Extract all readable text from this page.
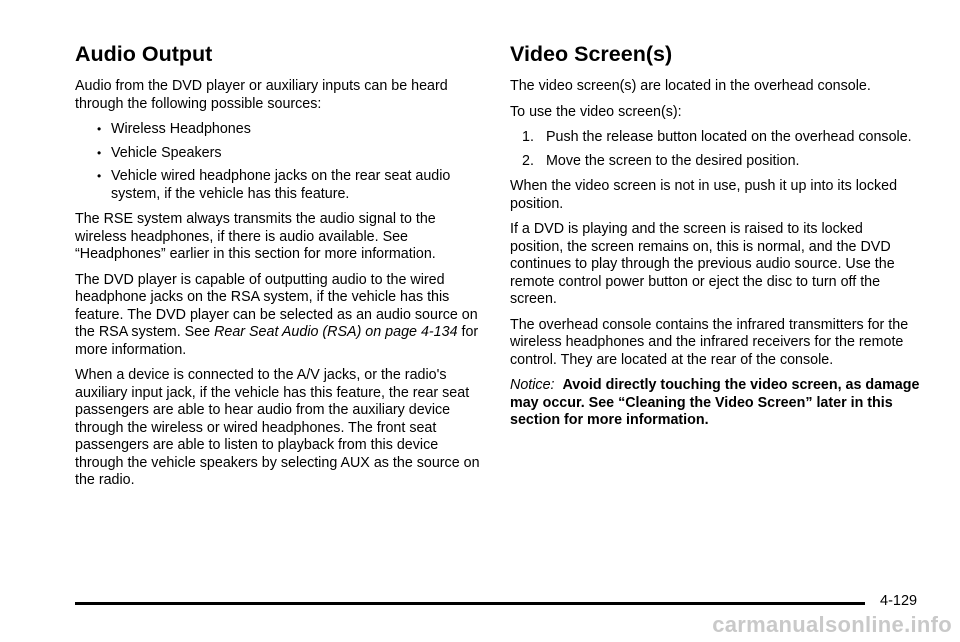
Audio Output

Audio from the DVD player or auxiliary inputs can be heard through the following possible sources:

• Wireless Headphones
• Vehicle Speakers
• Vehicle wired headphone jacks on the rear seat audio system, if the vehicle has this feature.

The RSE system always transmits the audio signal to the wireless headphones, if there is audio available. See “Headphones” earlier in this section for more information.

The DVD player is capable of outputting audio to the wired headphone jacks on the RSA system, if the vehicle has this feature. The DVD player can be selected as an audio source on the RSA system. See Rear Seat Audio (RSA) on page 4‑134 for more information.

When a device is connected to the A/V jacks, or the radio's auxiliary input jack, if the vehicle has this feature, the rear seat passengers are able to hear audio from the auxiliary device through the wireless or wired headphones. The front seat passengers are able to listen to playback from this device through the vehicle speakers by selecting AUX as the source on the radio.

Video Screen(s)

The video screen(s) are located in the overhead console.

To use the video screen(s):

1. Push the release button located on the overhead console.
2. Move the screen to the desired position.

When the video screen is not in use, push it up into its locked position.

If a DVD is playing and the screen is raised to its locked position, the screen remains on, this is normal, and the DVD continues to play through the previous audio source. Use the remote control power button or eject the disc to turn off the screen.

The overhead console contains the infrared transmitters for the wireless headphones and the infrared receivers for the remote control. They are located at the rear of the console.

Notice: Avoid directly touching the video screen, as damage may occur. See “Cleaning the Video Screen” later in this section for more information.

4-129
carmanualsonline.info
